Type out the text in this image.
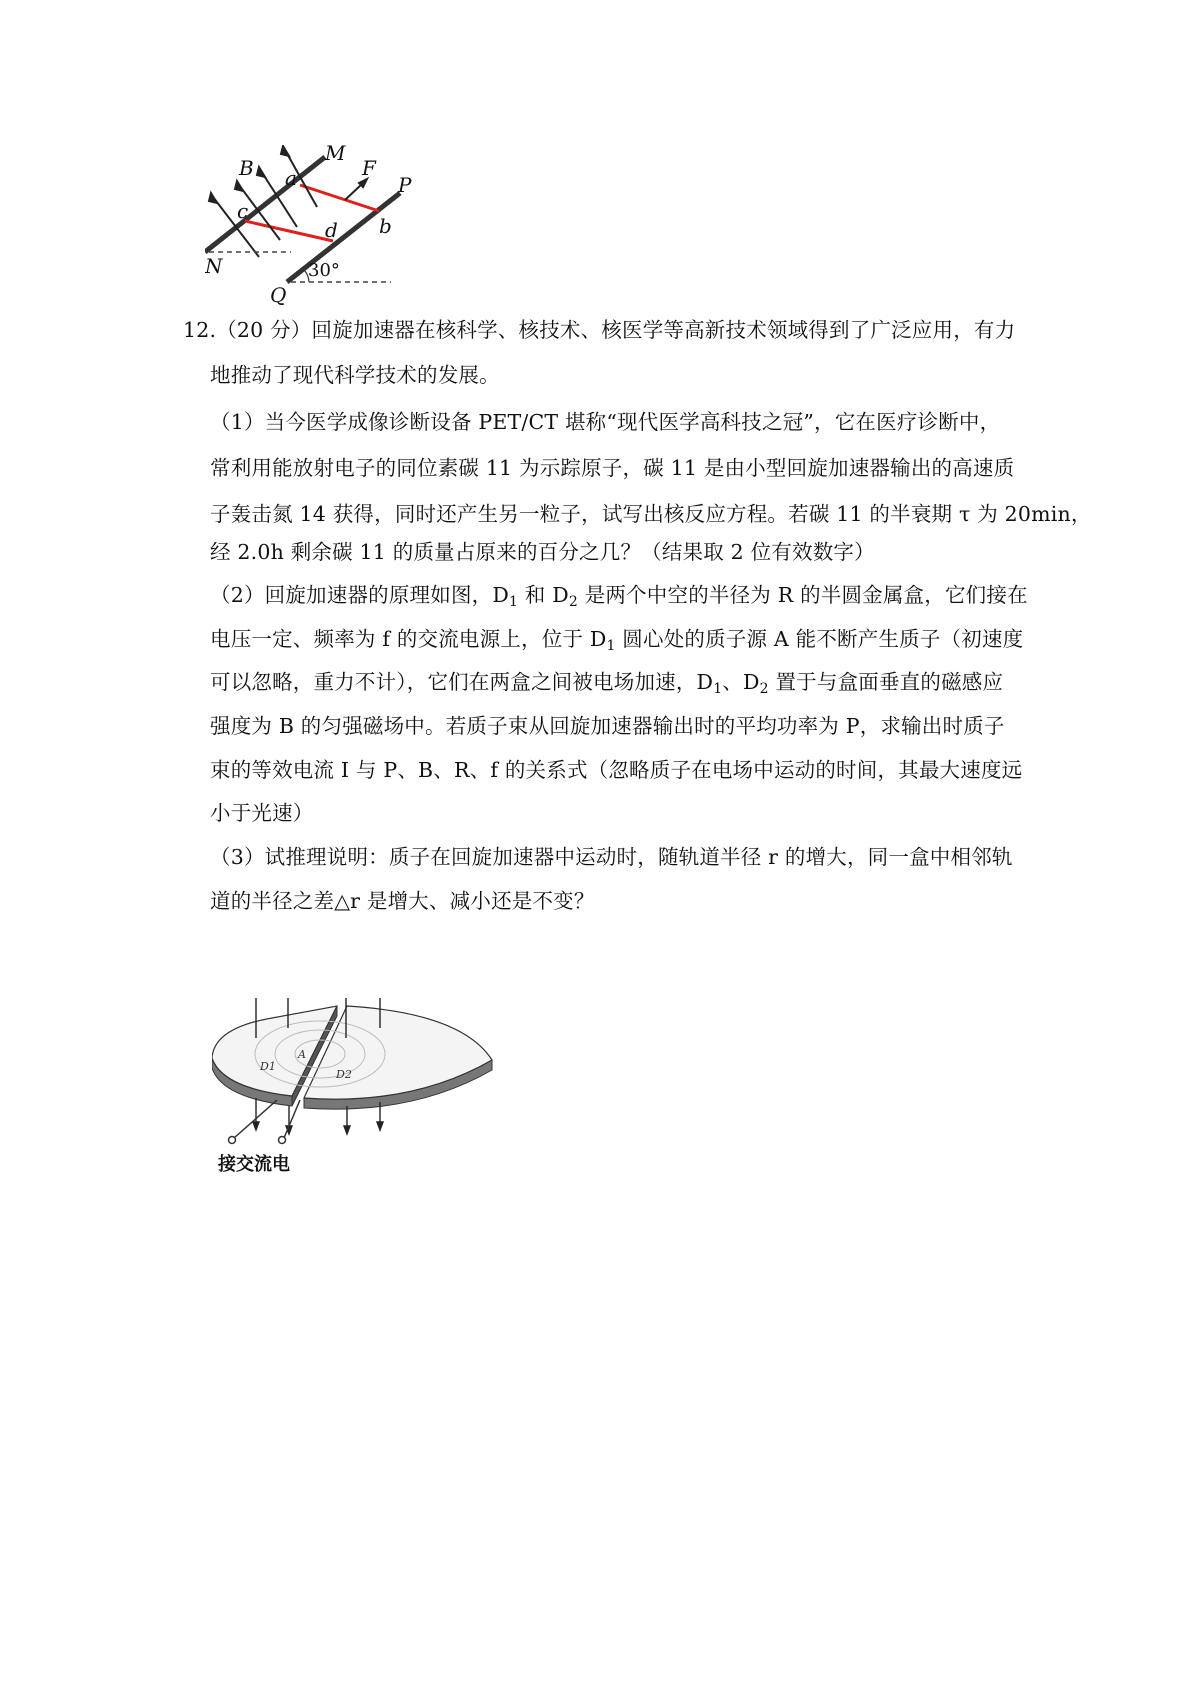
B
M
F
P
a
b
c
d
N
Q
30°
12.（20 分）回旋加速器在核科学、核技术、核医学等高新技术领域得到了广泛应用，有力
地推动了现代科学技术的发展。
（1）当今医学成像诊断设备 PET/CT 堪称“现代医学高科技之冠”，它在医疗诊断中，
常利用能放射电子的同位素碳 11 为示踪原子，碳 11 是由小型回旋加速器输出的高速质
子轰击氮 14 获得，同时还产生另一粒子，试写出核反应方程。若碳 11 的半衰期 τ 为 20min，
经 2.0h 剩余碳 11 的质量占原来的百分之几？（结果取 2 位有效数字）
（2）回旋加速器的原理如图，$D_1$ 和 $D_2$ 是两个中空的半径为 R 的半圆金属盒，它们接在
电压一定、频率为 f 的交流电源上，位于 $D_1$ 圆心处的质子源 A 能不断产生质子（初速度
可以忽略，重力不计），它们在两盒之间被电场加速，$D_1$、$D_2$ 置于与盒面垂直的磁感应
强度为 B 的匀强磁场中。若质子束从回旋加速器输出时的平均功率为 P，求输出时质子
束的等效电流 I 与 P、B、R、f 的关系式（忽略质子在电场中运动的时间，其最大速度远
小于光速）
（3）试推理说明：质子在回旋加速器中运动时，随轨道半径 r 的增大，同一盒中相邻轨
道的半径之差△r 是增大、减小还是不变？
D1
D2
A
接交流电
